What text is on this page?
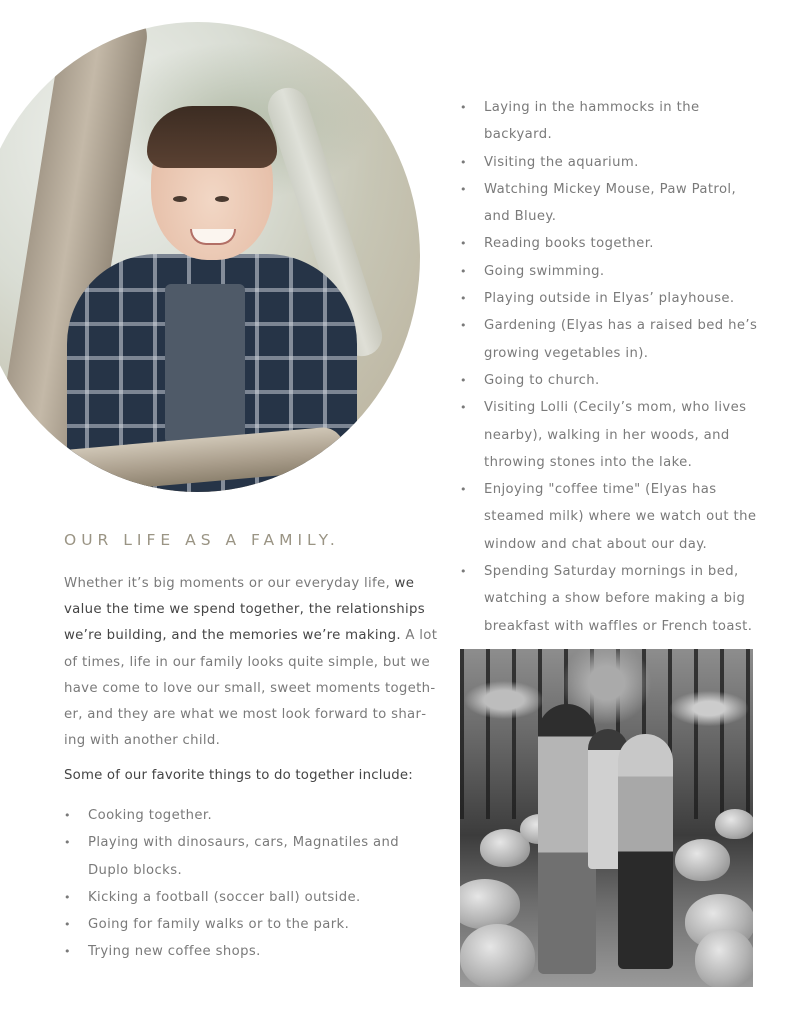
OUR LIFE AS A FAMILY.

Whether it’s big moments or our everyday life, we value the time we spend together, the relationships we’re building, and the memories we’re making. A lot of times, life in our family looks quite simple, but we have come to love our small, sweet moments together, and they are what we most look forward to sharing with another child.

Some of our favorite things to do together include:

• Cooking together.
• Playing with dinosaurs, cars, Magnatiles and Duplo blocks.
• Kicking a football (soccer ball) outside.
• Going for family walks or to the park.
• Trying new coffee shops.
• Laying in the hammocks in the backyard.
• Visiting the aquarium.
• Watching Mickey Mouse, Paw Patrol, and Bluey.
• Reading books together.
• Going swimming.
• Playing outside in Elyas’ playhouse.
• Gardening (Elyas has a raised bed he’s growing vegetables in).
• Going to church.
• Visiting Lolli (Cecily’s mom, who lives nearby), walking in her woods, and throwing stones into the lake.
• Enjoying "coffee time" (Elyas has steamed milk) where we watch out the window and chat about our day.
• Spending Saturday mornings in bed, watching a show before making a big breakfast with waffles or French toast.
